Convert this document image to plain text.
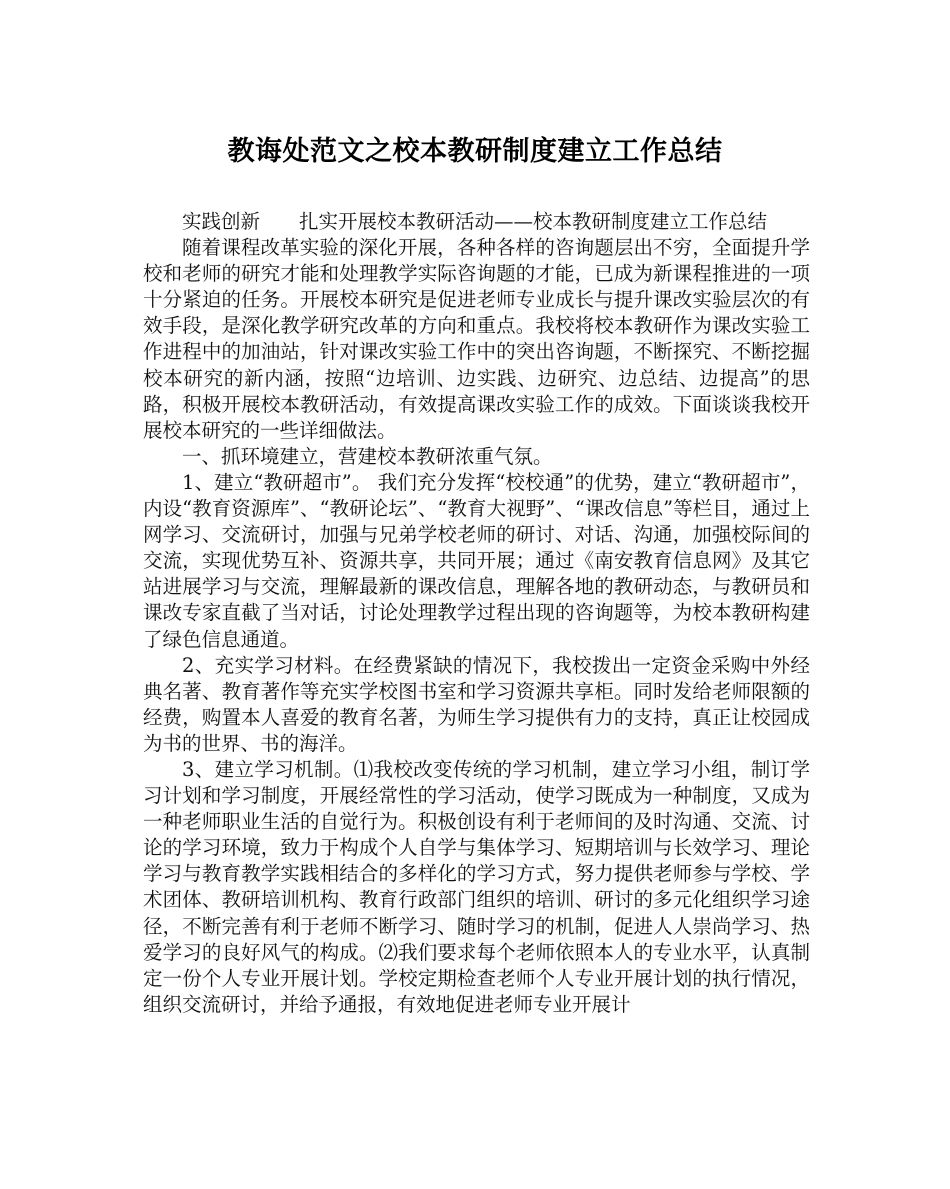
教诲处范文之校本教研制度建立工作总结

实践创新　　扎实开展校本教研活动——校本教研制度建立工作总结

随着课程改革实验的深化开展，各种各样的咨询题层出不穷，全面提升学校和老师的研究才能和处理教学实际咨询题的才能，已成为新课程推进的一项十分紧迫的任务。开展校本研究是促进老师专业成长与提升课改实验层次的有效手段，是深化教学研究改革的方向和重点。我校将校本教研作为课改实验工作进程中的加油站，针对课改实验工作中的突出咨询题，不断探究、不断挖掘校本研究的新内涵，按照“边培训、边实践、边研究、边总结、边提高”的思路，积极开展校本教研活动，有效提高课改实验工作的成效。下面谈谈我校开展校本研究的一些详细做法。

一、抓环境建立，营建校本教研浓重气氛。

1、建立“教研超市”。 我们充分发挥“校校通”的优势，建立“教研超市”，内设“教育资源库”、“教研论坛”、“教育大视野”、“课改信息”等栏目，通过上网学习、交流研讨，加强与兄弟学校老师的研讨、对话、沟通，加强校际间的交流，实现优势互补、资源共享，共同开展；通过《南安教育信息网》及其它站进展学习与交流，理解最新的课改信息，理解各地的教研动态，与教研员和课改专家直截了当对话，讨论处理教学过程出现的咨询题等，为校本教研构建了绿色信息通道。

2、充实学习材料。在经费紧缺的情况下，我校拨出一定资金采购中外经典名著、教育著作等充实学校图书室和学习资源共享柜。同时发给老师限额的经费，购置本人喜爱的教育名著，为师生学习提供有力的支持，真正让校园成为书的世界、书的海洋。

3、建立学习机制。⑴我校改变传统的学习机制，建立学习小组，制订学习计划和学习制度，开展经常性的学习活动，使学习既成为一种制度，又成为一种老师职业生活的自觉行为。积极创设有利于老师间的及时沟通、交流、讨论的学习环境，致力于构成个人自学与集体学习、短期培训与长效学习、理论学习与教育教学实践相结合的多样化的学习方式，努力提供老师参与学校、学术团体、教研培训机构、教育行政部门组织的培训、研讨的多元化组织学习途径，不断完善有利于老师不断学习、随时学习的机制，促进人人崇尚学习、热爱学习的良好风气的构成。⑵我们要求每个老师依照本人的专业水平，认真制定一份个人专业开展计划。学校定期检查老师个人专业开展计划的执行情况，组织交流研讨，并给予通报，有效地促进老师专业开展计
